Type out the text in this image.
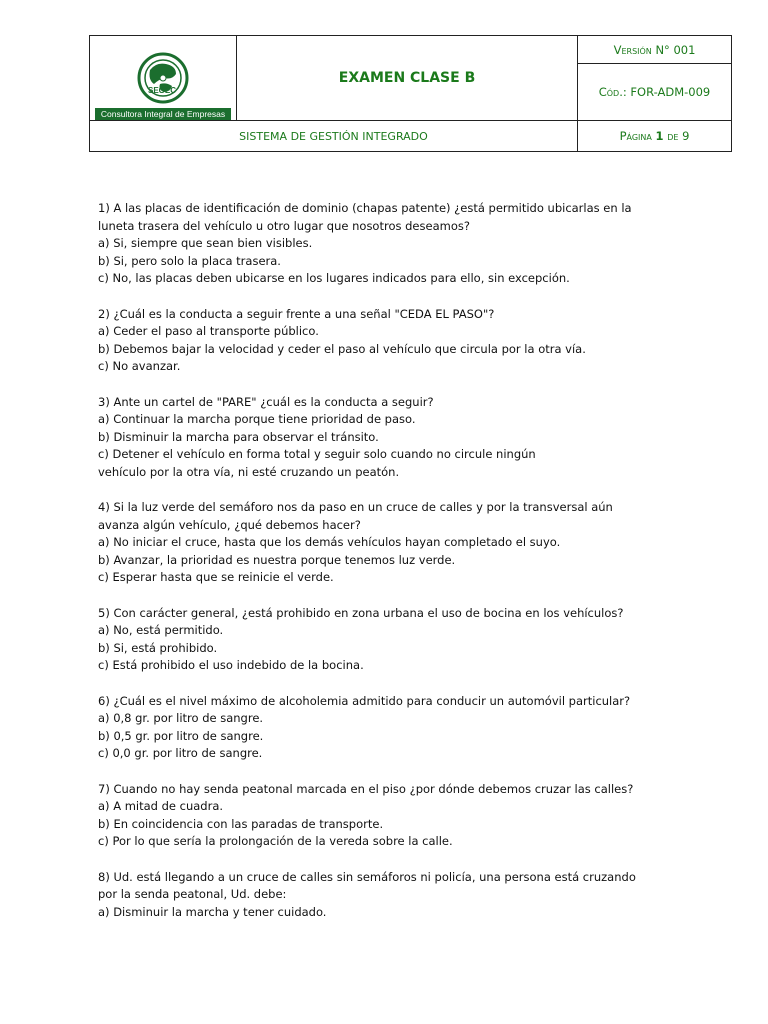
SEGEC
Consultora Integral de Empresas	EXAMEN CLASE B	Versión N° 001
		Cód.: FOR-ADM-009
SISTEMA DE GESTIÓN INTEGRADO		Página 1 de 9
1) A las placas de identificación de dominio (chapas patente) ¿está permitido ubicarlas en la
luneta trasera del vehículo u otro lugar que nosotros deseamos?
a) Si, siempre que sean bien visibles.
b) Si, pero solo la placa trasera.
c) No, las placas deben ubicarse en los lugares indicados para ello, sin excepción.
2) ¿Cuál es la conducta a seguir frente a una señal "CEDA EL PASO"?
a) Ceder el paso al transporte público.
b) Debemos bajar la velocidad y ceder el paso al vehículo que circula por la otra vía.
c) No avanzar.
3) Ante un cartel de "PARE" ¿cuál es la conducta a seguir?
a) Continuar la marcha porque tiene prioridad de paso.
b) Disminuir la marcha para observar el tránsito.
c) Detener el vehículo en forma total y seguir solo cuando no circule ningún
vehículo por la otra vía, ni esté cruzando un peatón.
4) Si la luz verde del semáforo nos da paso en un cruce de calles y por la transversal aún
avanza algún vehículo, ¿qué debemos hacer?
a) No iniciar el cruce, hasta que los demás vehículos hayan completado el suyo.
b) Avanzar, la prioridad es nuestra porque tenemos luz verde.
c) Esperar hasta que se reinicie el verde.
5) Con carácter general, ¿está prohibido en zona urbana el uso de bocina en los vehículos?
a) No, está permitido.
b) Si, está prohibido.
c) Está prohibido el uso indebido de la bocina.
6) ¿Cuál es el nivel máximo de alcoholemia admitido para conducir un automóvil particular?
a) 0,8 gr. por litro de sangre.
b) 0,5 gr. por litro de sangre.
c) 0,0 gr. por litro de sangre.
7) Cuando no hay senda peatonal marcada en el piso ¿por dónde debemos cruzar las calles?
a) A mitad de cuadra.
b) En coincidencia con las paradas de transporte.
c) Por lo que sería la prolongación de la vereda sobre la calle.
8) Ud. está llegando a un cruce de calles sin semáforos ni policía, una persona está cruzando
por la senda peatonal, Ud. debe:
a) Disminuir la marcha y tener cuidado.
